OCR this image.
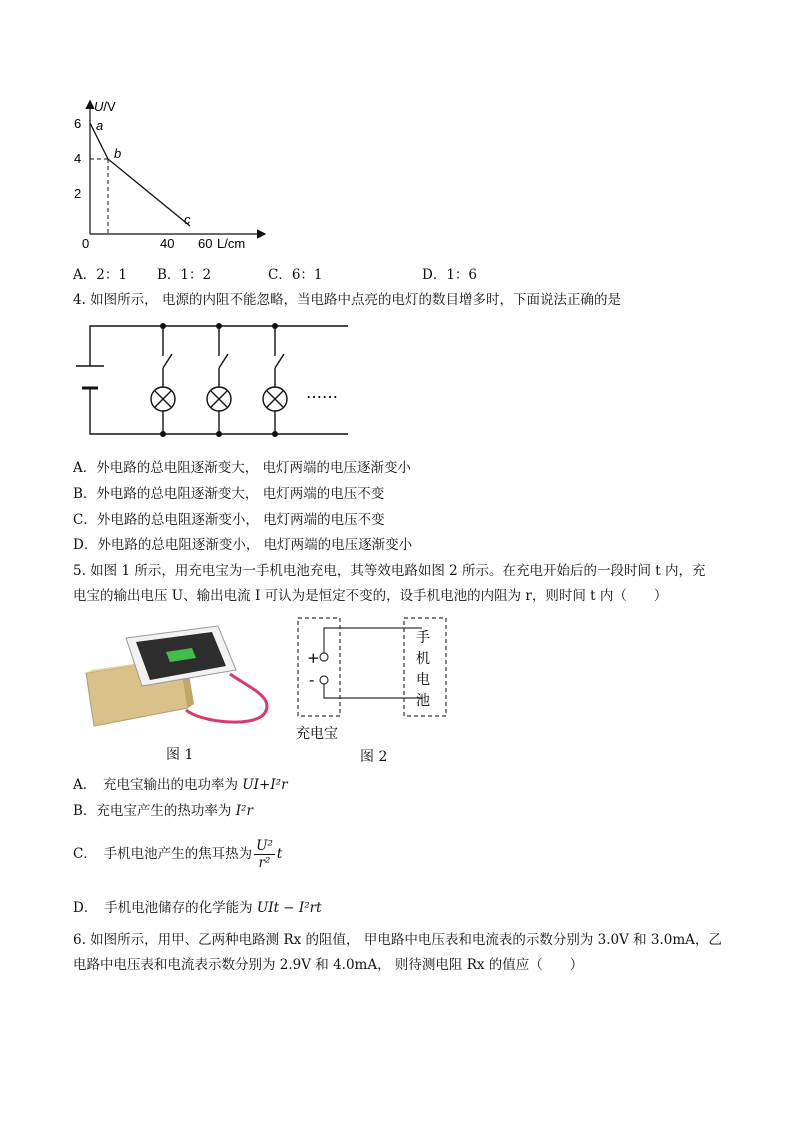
6
4
2
0	40 60 L/cm
U/V
a
b
c
A．2：1 B．1：2	C．6：1	D．1：6
4. 如图所示， 电源的内阻不能忽略，当电路中点亮的电灯的数目增多时，下面说法正确的是
……
A．外电路的总电阻逐渐变大， 电灯两端的电压逐渐变小
B．外电路的总电阻逐渐变大， 电灯两端的电压不变
C．外电路的总电阻逐渐变小， 电灯两端的电压不变
D．外电路的总电阻逐渐变小， 电灯两端的电压逐渐变小
5. 如图 1 所示，用充电宝为一手机电池充电，其等效电路如图 2 所示。在充电开始后的一段时间 t 内，充
电宝的输出电压 U、输出电流 I 可认为是恒定不变的，设手机电池的内阻为 r，则时间 t 内（　　）
图 1
+
-
手
机
电
池
充电宝
图 2
A．　充电宝输出的电功率为 UI+I²r
B．充电宝产生的热功率为 I²r
C．　手机电池产生的焦耳热为 $\frac{\text{U²}}{\text{r²}}$ t
D．　手机电池储存的化学能为 UIt − I²rt
6. 如图所示，用甲、乙两种电路测 Rx 的阻值， 甲电路中电压表和电流表的示数分别为 3.0V 和 3.0mA，乙
电路中电压表和电流表示数分别为 2.9V 和 4.0mA， 则待测电阻 Rx 的值应（　　）
